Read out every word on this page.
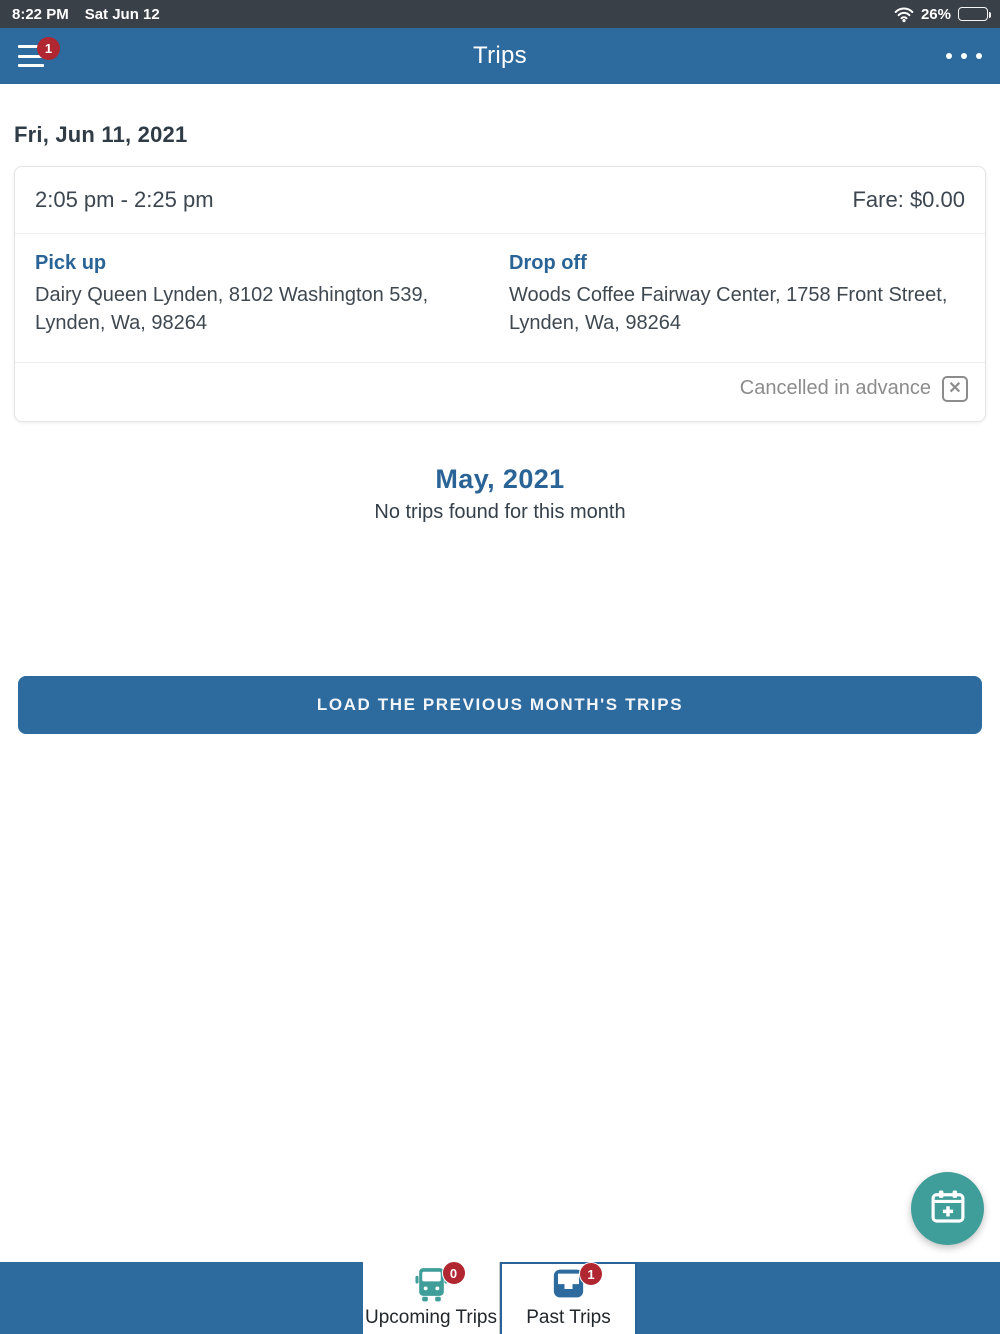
8:22 PM Sat Jun 12	26%
1	Trips
Fri, Jun 11, 2021
2:05 pm - 2:25 pm	Fare: $0.00
Pick up
Dairy Queen Lynden, 8102 Washington 539, Lynden, Wa, 98264
Drop off
Woods Coffee Fairway Center, 1758 Front Street, Lynden, Wa, 98264
Cancelled in advance	✕
May, 2021
No trips found for this month
LOAD THE PREVIOUS MONTH'S TRIPS
0
Upcoming Trips
1
Past Trips
